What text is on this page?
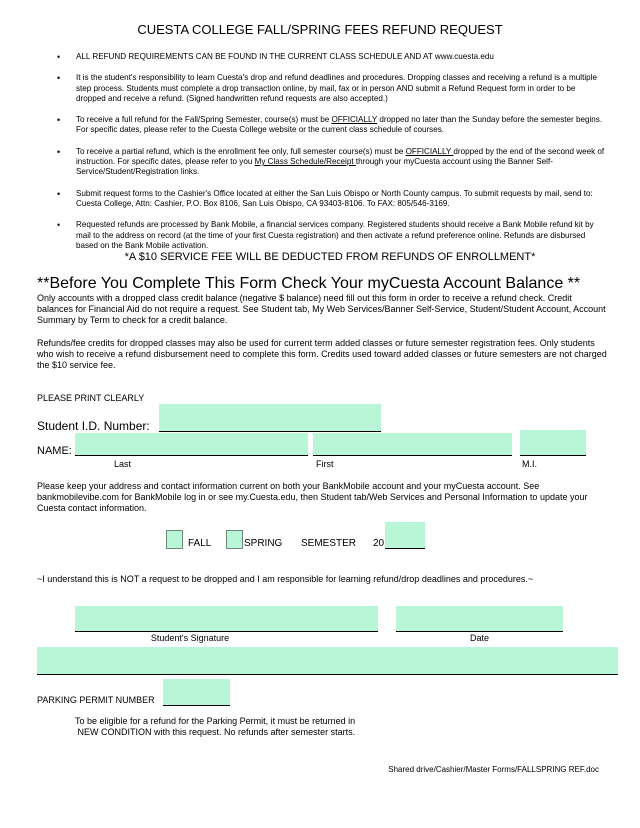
CUESTA COLLEGE FALL/SPRING FEES REFUND REQUEST
• ALL REFUND REQUIREMENTS CAN BE FOUND IN THE CURRENT CLASS SCHEDULE AND AT www.cuesta.edu
• It is the student's responsibility to learn Cuesta's drop and refund deadlines and procedures. Dropping classes and receiving a refund is a multiple step process. Students must complete a drop transaction online, by mail, fax or in person AND submit a Refund Request form in order to be dropped and receive a refund. (Signed handwritten refund requests are also accepted.)
• To receive a full refund for the Fall/Spring Semester, course(s) must be OFFICIALLY dropped no later than the Sunday before the semester begins. For specific dates, please refer to the Cuesta College website or the current class schedule of courses.
• To receive a partial refund, which is the enrollment fee only, full semester course(s) must be OFFICIALLY dropped by the end of the second week of instruction. For specific dates, please refer to you My Class Schedule/Receipt through your myCuesta account using the Banner Self-Service/Student/Registration links.
• Submit request forms to the Cashier's Office located at either the San Luis Obispo or North County campus. To submit requests by mail, send to: Cuesta College, Attn: Cashier, P.O. Box 8106, San Luis Obispo, CA 93403-8106. To FAX: 805/546-3169.
• Requested refunds are processed by Bank Mobile, a financial services company. Registered students should receive a Bank Mobile refund kit by mail to the address on record (at the time of your first Cuesta registration) and then activate a refund preference online. Refunds are disbursed based on the Bank Mobile activation.
*A $10 SERVICE FEE WILL BE DEDUCTED FROM REFUNDS OF ENROLLMENT*
**Before You Complete This Form Check Your myCuesta Account Balance **
Only accounts with a dropped class credit balance (negative $ balance) need fill out this form in order to receive a refund check. Credit balances for Financial Aid do not require a request. See Student tab, My Web Services/Banner Self-Service, Student/Student Account, Account Summary by Term to check for a credit balance.
Refunds/fee credits for dropped classes may also be used for current term added classes or future semester registration fees. Only students who wish to receive a refund disbursement need to complete this form. Credits used toward added classes or future semesters are not charged the $10 service fee.
PLEASE PRINT CLEARLY
Student I.D. Number:
NAME:
Last	First	M.I.
Please keep your address and contact information current on both your BankMobile account and your myCuesta account. See bankmobilevibe.com for BankMobile log in or see my.Cuesta.edu, then Student tab/Web Services and Personal Information to update your Cuesta contact information.
FALL	SPRING SEMESTER 20
~I understand this is NOT a request to be dropped and I am responsible for learning refund/drop deadlines and procedures.~
Student's Signature	Date
PARKING PERMIT NUMBER
To be eligible for a refund for the Parking Permit, it must be returned in
NEW CONDITION with this request. No refunds after semester starts.
Shared drive/Cashier/Master Forms/FALLSPRING REF.doc
